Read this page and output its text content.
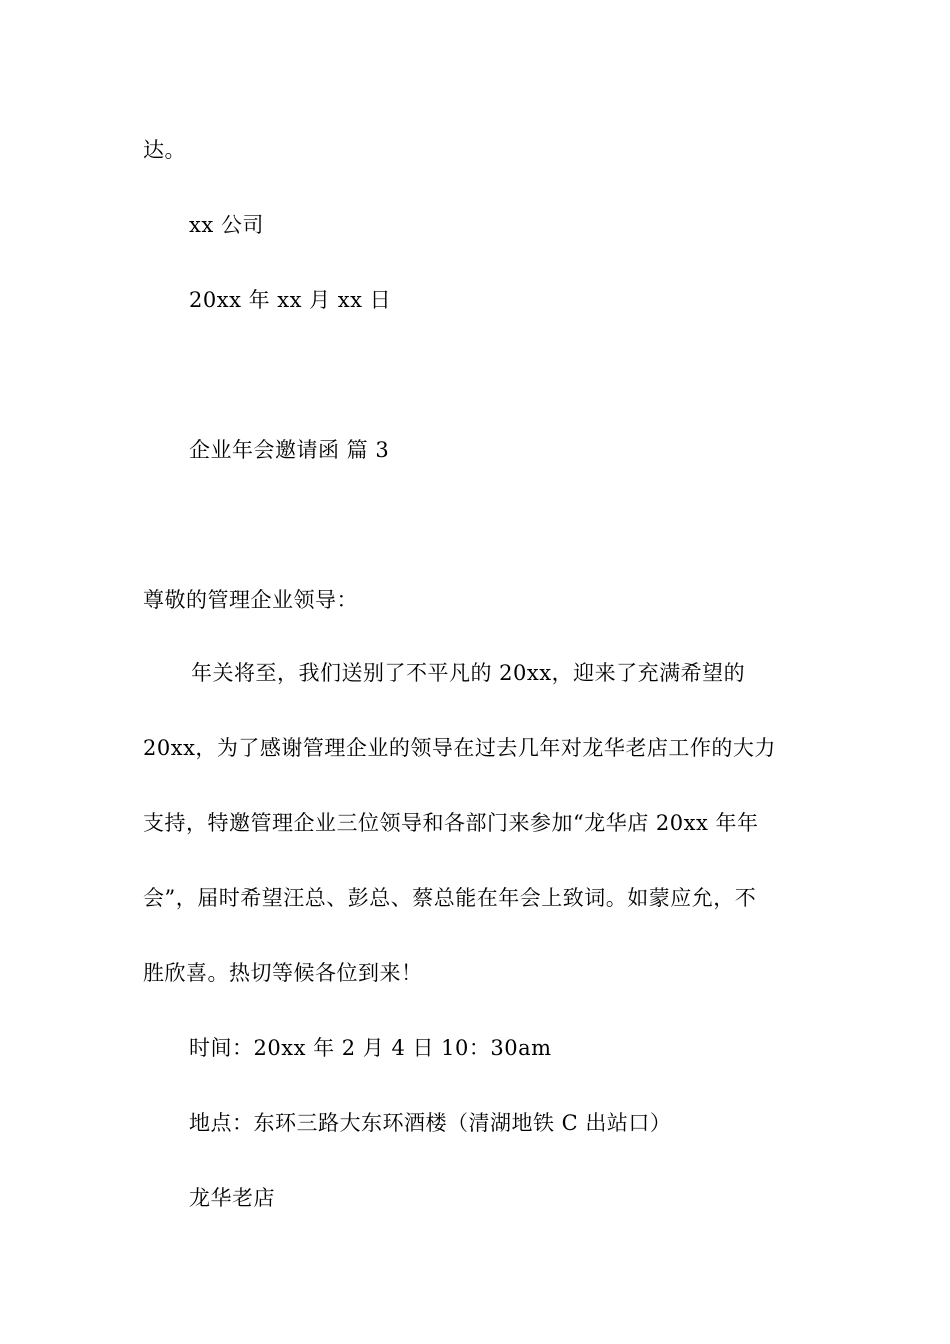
达。
xx 公司
20xx 年 xx 月 xx 日
企业年会邀请函 篇 3
尊敬的管理企业领导：
年关将至，我们送别了不平凡的 20xx，迎来了充满希望的
20xx，为了感谢管理企业的领导在过去几年对龙华老店工作的大力
支持，特邀管理企业三位领导和各部门来参加“龙华店 20xx 年年
会”，届时希望汪总、彭总、蔡总能在年会上致词。如蒙应允，不
胜欣喜。热切等候各位到来！
时间：20xx 年 2 月 4 日 10：30am
地点：东环三路大东环酒楼（清湖地铁 C 出站口）
龙华老店
